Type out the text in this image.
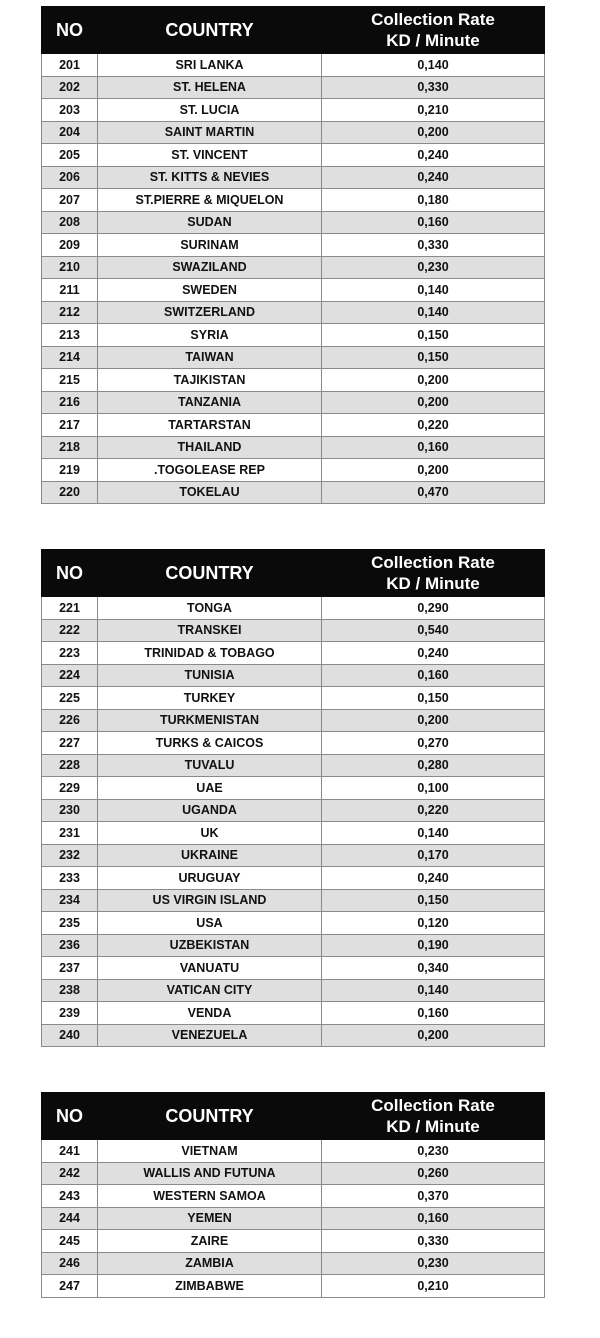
NO	COUNTRY	Collection Rate
KD / Minute
201	SRI LANKA	0,140
202	ST. HELENA	0,330
203	ST. LUCIA	0,210
204	SAINT MARTIN	0,200
205	ST. VINCENT	0,240
206	ST. KITTS & NEVIES	0,240
207	ST.PIERRE & MIQUELON	0,180
208	SUDAN	0,160
209	SURINAM	0,330
210	SWAZILAND	0,230
211	SWEDEN	0,140
212	SWITZERLAND	0,140
213	SYRIA	0,150
214	TAIWAN	0,150
215	TAJIKISTAN	0,200
216	TANZANIA	0,200
217	TARTARSTAN	0,220
218	THAILAND	0,160
219	.TOGOLEASE REP	0,200
220	TOKELAU	0,470
NO	COUNTRY	Collection Rate
KD / Minute
221	TONGA	0,290
222	TRANSKEI	0,540
223	TRINIDAD & TOBAGO	0,240
224	TUNISIA	0,160
225	TURKEY	0,150
226	TURKMENISTAN	0,200
227	TURKS & CAICOS	0,270
228	TUVALU	0,280
229	UAE	0,100
230	UGANDA	0,220
231	UK	0,140
232	UKRAINE	0,170
233	URUGUAY	0,240
234	US VIRGIN ISLAND	0,150
235	USA	0,120
236	UZBEKISTAN	0,190
237	VANUATU	0,340
238	VATICAN CITY	0,140
239	VENDA	0,160
240	VENEZUELA	0,200
NO	COUNTRY	Collection Rate
KD / Minute
241	VIETNAM	0,230
242	WALLIS AND FUTUNA	0,260
243	WESTERN SAMOA	0,370
244	YEMEN	0,160
245	ZAIRE	0,330
246	ZAMBIA	0,230
247	ZIMBABWE	0,210
